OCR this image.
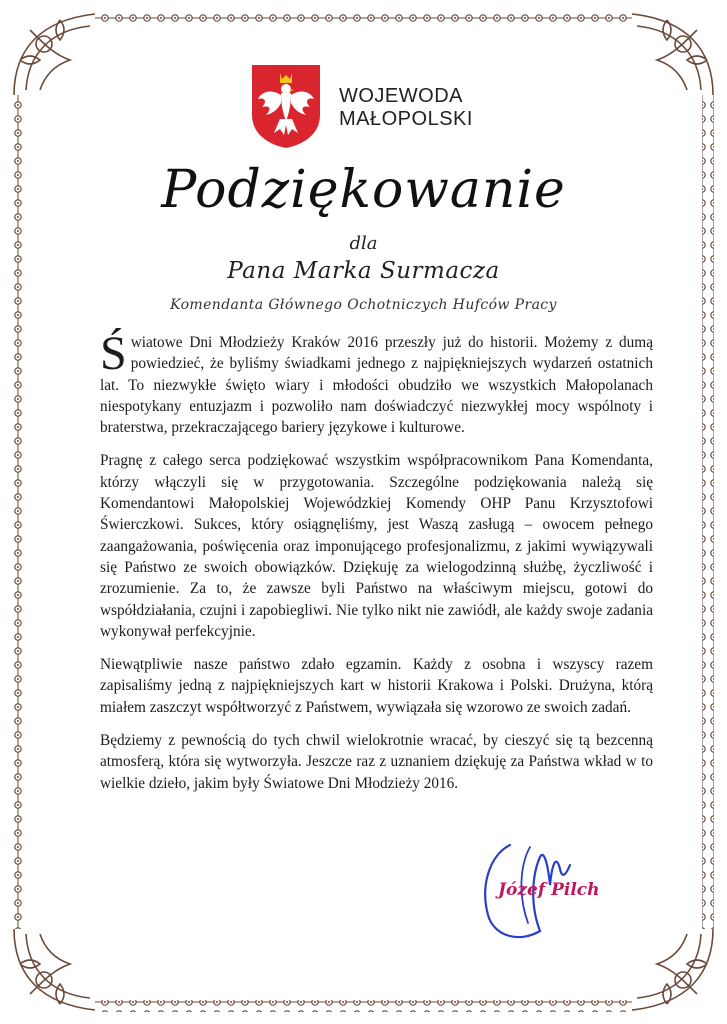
WOJEWODA
MAŁOPOLSKI
Podziękowanie
dla
Pana Marka Surmacza
Komendanta Głównego Ochotniczych Hufców Pracy

Światowe Dni Młodzieży Kraków 2016 przeszły już do historii. Możemy z dumą powiedzieć, że byliśmy świadkami jednego z najpiękniejszych wydarzeń ostatnich lat. To niezwykłe święto wiary i młodości obudziło we wszystkich Małopolanach niespotykany entuzjazm i pozwoliło nam doświadczyć niezwykłej mocy wspólnoty i braterstwa, przekraczającego bariery językowe i kulturowe.

Pragnę z całego serca podziękować wszystkim współpracownikom Pana Komendanta, którzy włączyli się w przygotowania. Szczególne podziękowania należą się Komendantowi Małopolskiej Wojewódzkiej Komendy OHP Panu Krzysztofowi Świerczkowi. Sukces, który osiągnęliśmy, jest Waszą zasługą – owocem pełnego zaangażowania, poświęcenia oraz imponującego profesjonalizmu, z jakimi wywiązywali się Państwo ze swoich obowiązków. Dziękuję za wielogodzinną służbę, życzliwość i zrozumienie. Za to, że zawsze byli Państwo na właściwym miejscu, gotowi do współdziałania, czujni i zapobiegliwi. Nie tylko nikt nie zawiódł, ale każdy swoje zadania wykonywał perfekcyjnie.

Niewątpliwie nasze państwo zdało egzamin. Każdy z osobna i wszyscy razem zapisaliśmy jedną z najpiękniejszych kart w historii Krakowa i Polski. Drużyna, którą miałem zaszczyt współtworzyć z Państwem, wywiązała się wzorowo ze swoich zadań.

Będziemy z pewnością do tych chwil wielokrotnie wracać, by cieszyć się tą bezcenną atmosferą, która się wytworzyła. Jeszcze raz z uznaniem dziękuję za Państwa wkład w to wielkie dzieło, jakim były Światowe Dni Młodzieży 2016.

Józef Pilch
